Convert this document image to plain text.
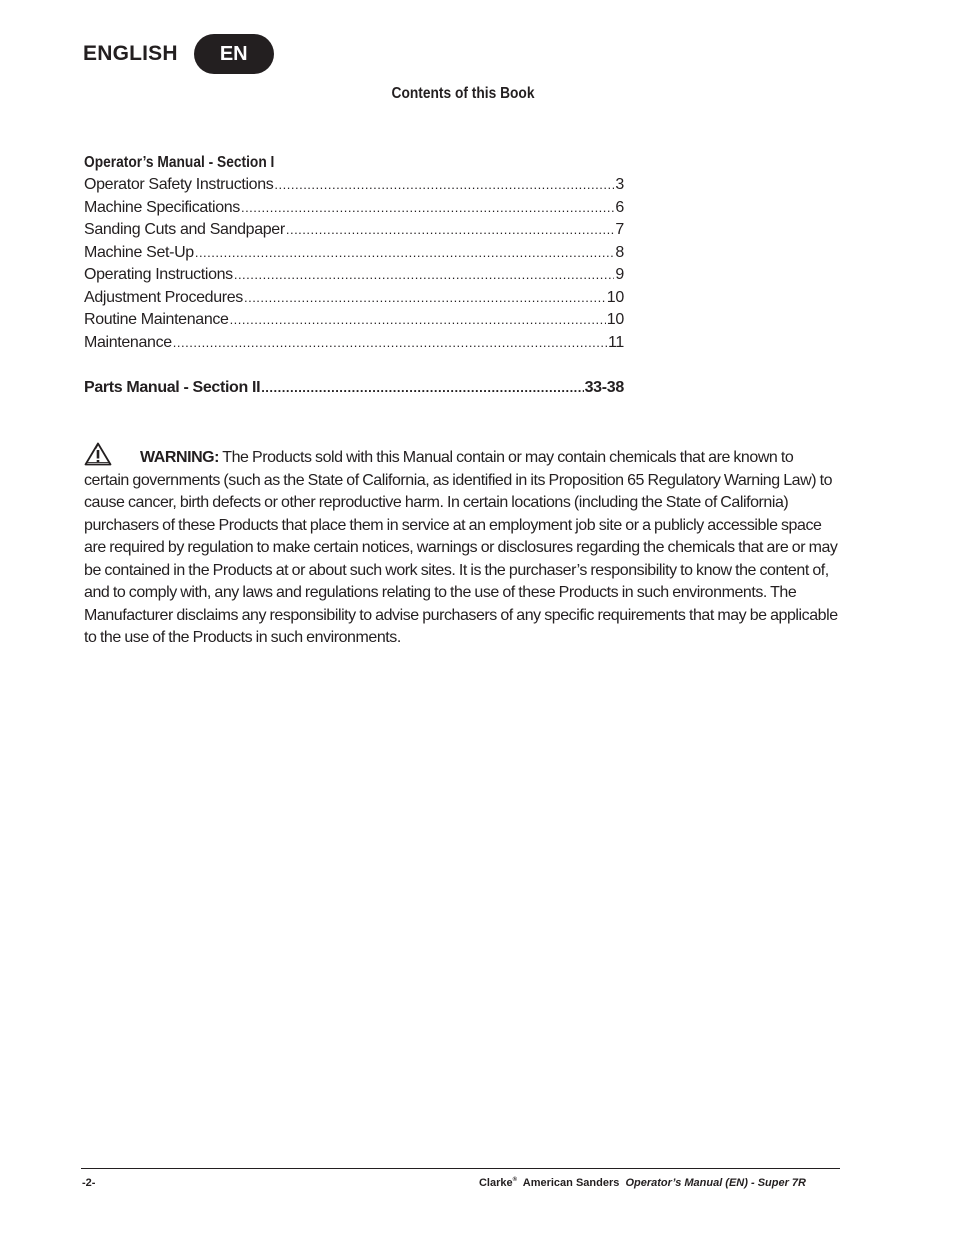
ENGLISH	EN
Contents of this Book
Operator’s Manual - Section I
Operator Safety Instructions .....	3
Machine Specifications .....	6
Sanding Cuts and Sandpaper .....	7
Machine Set-Up .....	8
Operating Instructions .....	9
Adjustment Procedures .....	10
Routine Maintenance .....	10
Maintenance .....	11
Parts Manual - Section II .....	33-38
WARNING: The Products sold with this Manual contain or may contain chemicals that are known to certain governments (such as the State of California, as identified in its Proposition 65 Regulatory Warning Law) to cause cancer, birth defects or other reproductive harm. In certain locations (including the State of California) purchasers of these Products that place them in service at an employment job site or a publicly accessible space are required by regulation to make certain notices, warnings or disclosures regarding the chemicals that are or may be contained in the Products at or about such work sites. It is the purchaser’s responsibility to know the content of, and to comply with, any laws and regulations relating to the use of these Products in such environments. The Manufacturer disclaims any responsibility to advise purchasers of any specific requirements that may be applicable to the use of the Products in such environments.
-2-	Clarke®  American Sanders  Operator’s Manual (EN) - Super 7R
